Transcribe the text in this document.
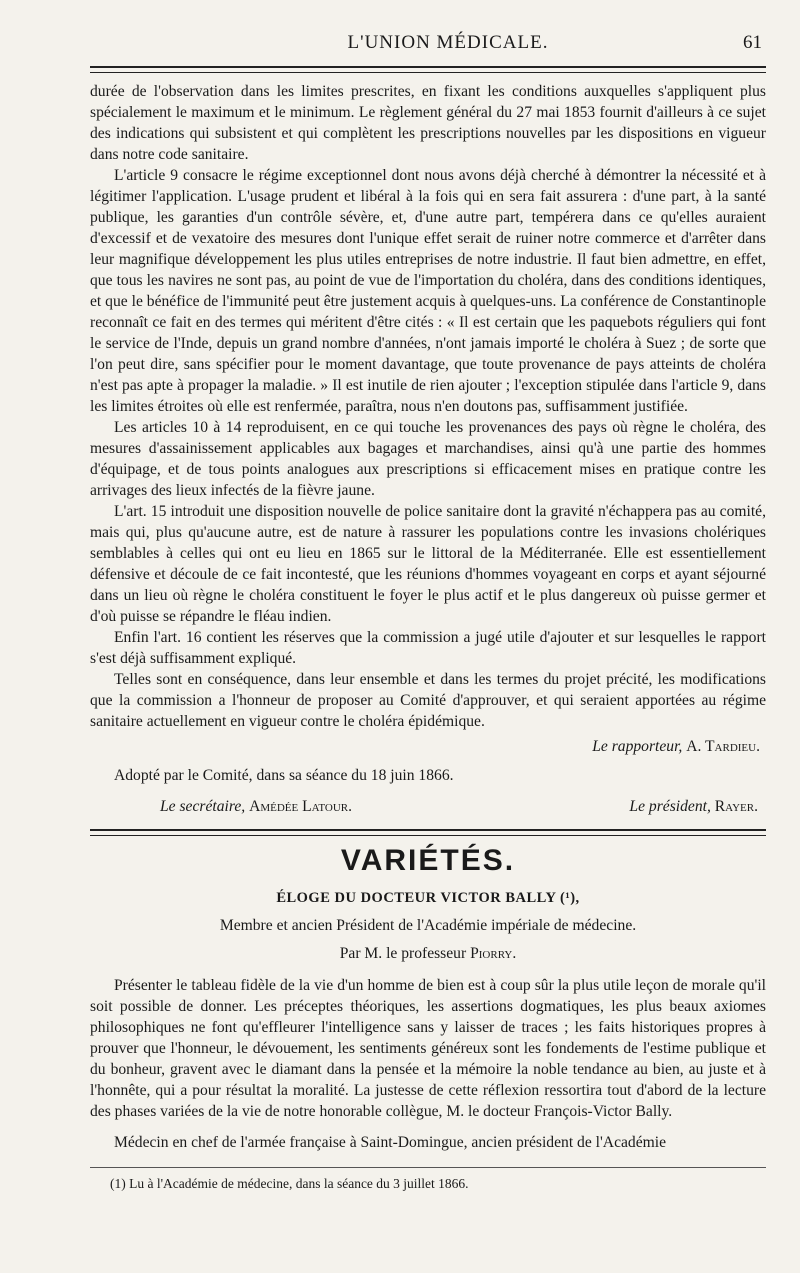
L'UNION MÉDICALE.	61

durée de l'observation dans les limites prescrites, en fixant les conditions auxquelles s'appliquent plus spécialement le maximum et le minimum. Le règlement général du 27 mai 1853 fournit d'ailleurs à ce sujet des indications qui subsistent et qui complètent les prescriptions nouvelles par les dispositions en vigueur dans notre code sanitaire.

L'article 9 consacre le régime exceptionnel dont nous avons déjà cherché à démontrer la nécessité et à légitimer l'application. L'usage prudent et libéral à la fois qui en sera fait assurera : d'une part, à la santé publique, les garanties d'un contrôle sévère, et, d'une autre part, tempérera dans ce qu'elles auraient d'excessif et de vexatoire des mesures dont l'unique effet serait de ruiner notre commerce et d'arrêter dans leur magnifique développement les plus utiles entreprises de notre industrie. Il faut bien admettre, en effet, que tous les navires ne sont pas, au point de vue de l'importation du choléra, dans des conditions identiques, et que le bénéfice de l'immunité peut être justement acquis à quelques-uns. La conférence de Constantinople reconnaît ce fait en des termes qui méritent d'être cités : « Il est certain que les paquebots réguliers qui font le service de l'Inde, depuis un grand nombre d'années, n'ont jamais importé le choléra à Suez ; de sorte que l'on peut dire, sans spécifier pour le moment davantage, que toute provenance de pays atteints de choléra n'est pas apte à propager la maladie. » Il est inutile de rien ajouter ; l'exception stipulée dans l'article 9, dans les limites étroites où elle est renfermée, paraîtra, nous n'en doutons pas, suffisamment justifiée.

Les articles 10 à 14 reproduisent, en ce qui touche les provenances des pays où règne le choléra, des mesures d'assainissement applicables aux bagages et marchandises, ainsi qu'à une partie des hommes d'équipage, et de tous points analogues aux prescriptions si efficacement mises en pratique contre les arrivages des lieux infectés de la fièvre jaune.

L'art. 15 introduit une disposition nouvelle de police sanitaire dont la gravité n'échappera pas au comité, mais qui, plus qu'aucune autre, est de nature à rassurer les populations contre les invasions cholériques semblables à celles qui ont eu lieu en 1865 sur le littoral de la Méditerranée. Elle est essentiellement défensive et découle de ce fait incontesté, que les réunions d'hommes voyageant en corps et ayant séjourné dans un lieu où règne le choléra constituent le foyer le plus actif et le plus dangereux où puisse germer et d'où puisse se répandre le fléau indien.

Enfin l'art. 16 contient les réserves que la commission a jugé utile d'ajouter et sur lesquelles le rapport s'est déjà suffisamment expliqué.

Telles sont en conséquence, dans leur ensemble et dans les termes du projet précité, les modifications que la commission a l'honneur de proposer au Comité d'approuver, et qui seraient apportées au régime sanitaire actuellement en vigueur contre le choléra épidémique.

Le rapporteur, A. Tardieu.
Adopté par le Comité, dans sa séance du 18 juin 1866.
Le secrétaire, Amédée Latour.	Le président, Rayer.
VARIÉTÉS.
ÉLOGE DU DOCTEUR VICTOR BALLY (¹),
Membre et ancien Président de l'Académie impériale de médecine.
Par M. le professeur Piorry.

Présenter le tableau fidèle de la vie d'un homme de bien est à coup sûr la plus utile leçon de morale qu'il soit possible de donner. Les préceptes théoriques, les assertions dogmatiques, les plus beaux axiomes philosophiques ne font qu'effleurer l'intelligence sans y laisser de traces ; les faits historiques propres à prouver que l'honneur, le dévouement, les sentiments généreux sont les fondements de l'estime publique et du bonheur, gravent avec le diamant dans la pensée et la mémoire la noble tendance au bien, au juste et à l'honnête, qui a pour résultat la moralité. La justesse de cette réflexion ressortira tout d'abord de la lecture des phases variées de la vie de notre honorable collègue, M. le docteur François-Victor Bally.

Médecin en chef de l'armée française à Saint-Domingue, ancien président de l'Académie

(1) Lu à l'Académie de médecine, dans la séance du 3 juillet 1866.
